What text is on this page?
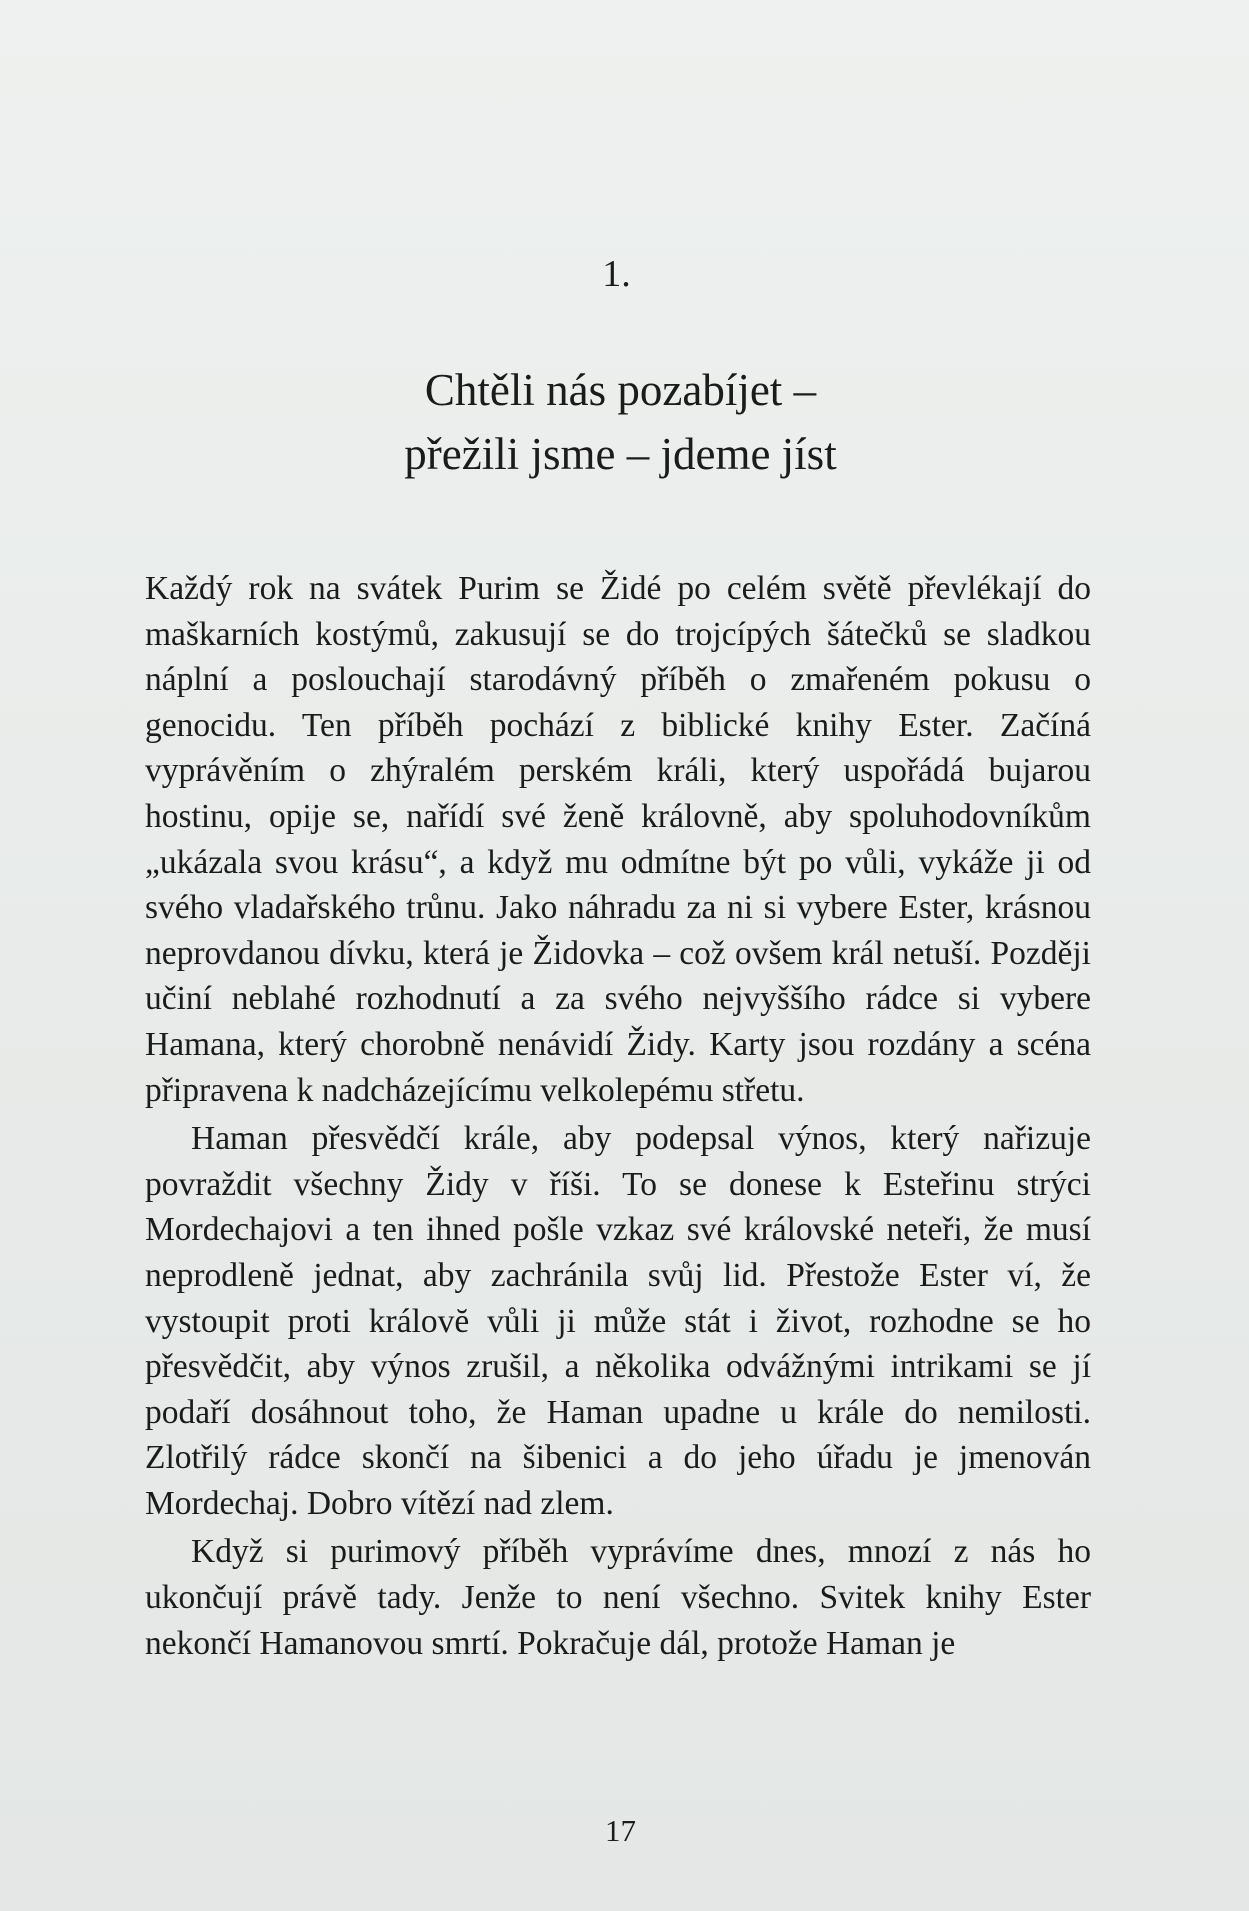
1.
Chtěli nás pozabíjet –
přežili jsme – jdeme jíst

Každý rok na svátek Purim se Židé po celém světě převlékají do maškarních kostýmů, zakusují se do trojcípých šátečků se sladkou náplní a poslouchají starodávný příběh o zmařeném pokusu o genocidu. Ten příběh pochází z biblické knihy Ester. Začíná vyprávěním o zhýralém perském králi, který uspořádá bujarou hostinu, opije se, nařídí své ženě královně, aby spoluhodovníkům „ukázala svou krásu“, a když mu odmítne být po vůli, vykáže ji od svého vladařského trůnu. Jako náhradu za ni si vybere Ester, krásnou neprovdanou dívku, která je Židovka – což ovšem král netuší. Později učiní neblahé rozhodnutí a za svého nejvyššího rádce si vybere Hamana, který chorobně nenávidí Židy. Karty jsou rozdány a scéna připravena k nadcházejícímu velkolepému střetu.

Haman přesvědčí krále, aby podepsal výnos, který nařizuje povraždit všechny Židy v říši. To se donese k Esteřinu strýci Mordechajovi a ten ihned pošle vzkaz své královské neteři, že musí neprodleně jednat, aby zachránila svůj lid. Přestože Ester ví, že vystoupit proti královĕ vůli ji může stát i život, rozhodne se ho přesvědčit, aby výnos zrušil, a několika odvážnými intrikami se jí podaří dosáhnout toho, že Haman upadne u krále do nemilosti. Zlotřilý rádce skončí na šibenici a do jeho úřadu je jmenován Mordechaj. Dobro vítězí nad zlem.

Když si purimový příběh vyprávíme dnes, mnozí z nás ho ukončují právě tady. Jenže to není všechno. Svitek knihy Ester nekončí Hamanovou smrtí. Pokračuje dál, protože Haman je

17
